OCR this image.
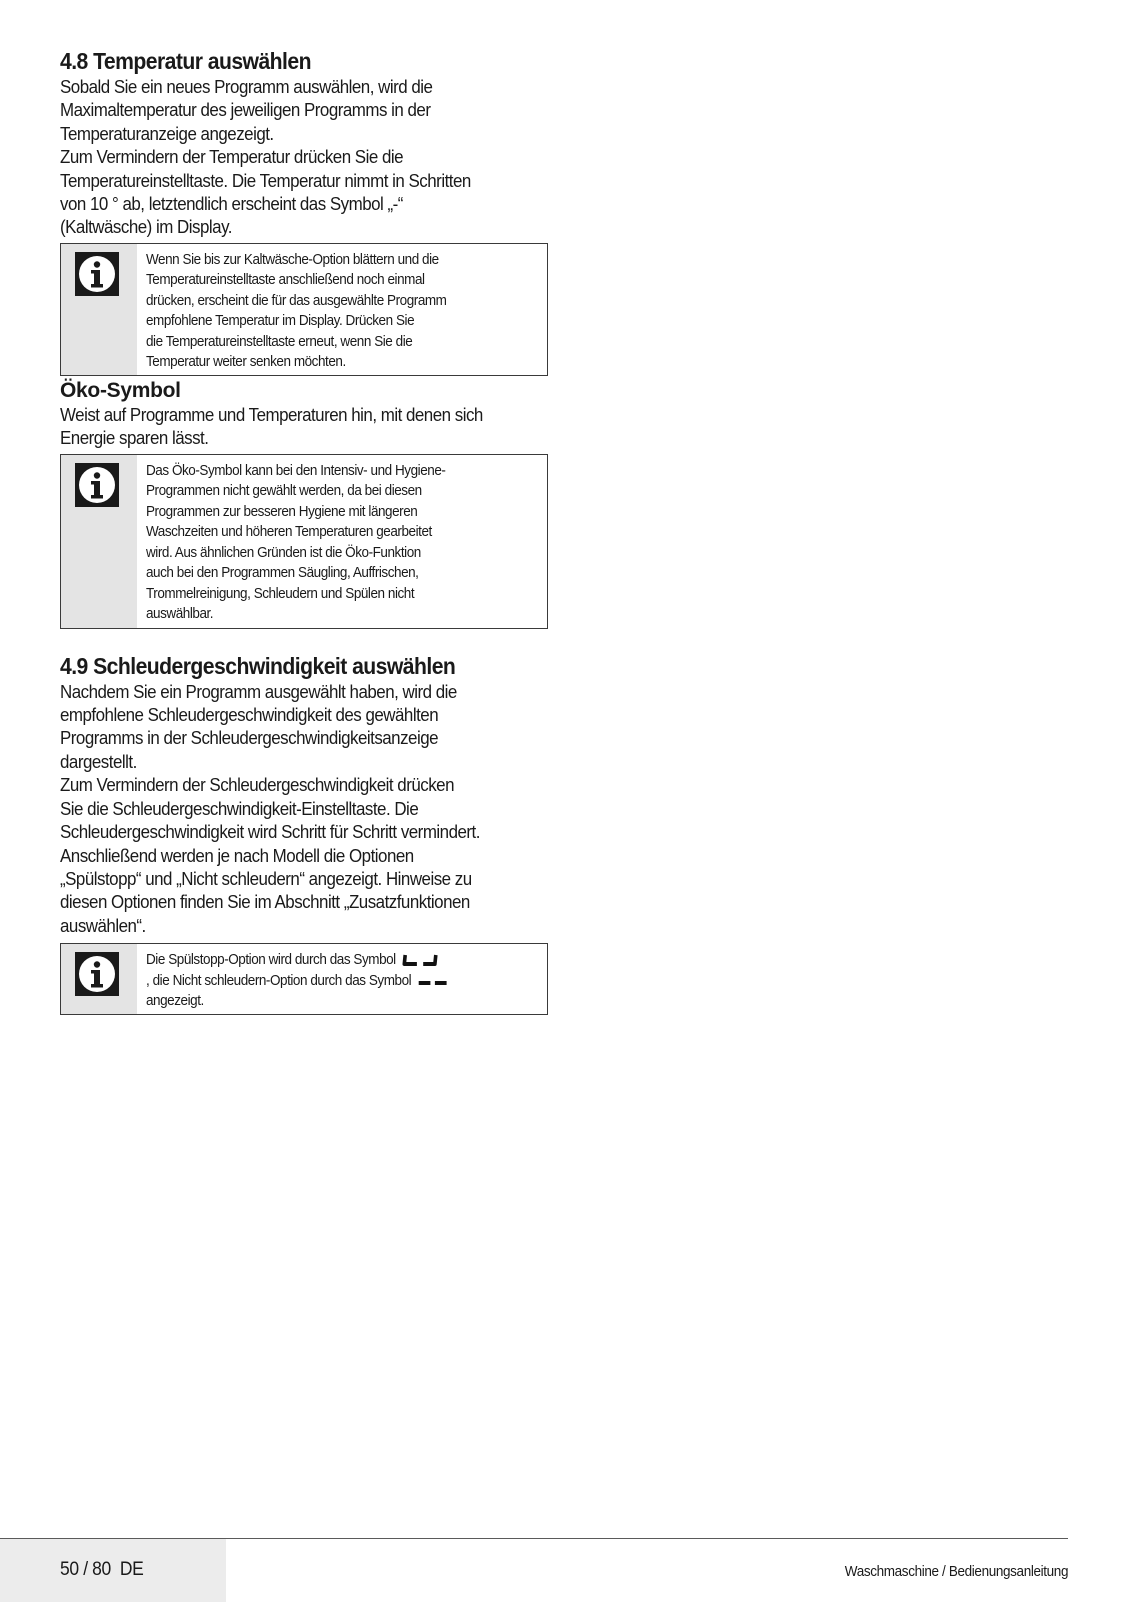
4.8 Temperatur auswählen
Sobald Sie ein neues Programm auswählen, wird die
Maximaltemperatur des jeweiligen Programms in der
Temperaturanzeige angezeigt.
Zum Vermindern der Temperatur drücken Sie die
Temperatureinstelltaste. Die Temperatur nimmt in Schritten
von 10 ° ab, letztendlich erscheint das Symbol „-“
(Kaltwäsche) im Display.
Wenn Sie bis zur Kaltwäsche-Option blättern und die
Temperatureinstelltaste anschließend noch einmal
drücken, erscheint die für das ausgewählte Programm
empfohlene Temperatur im Display. Drücken Sie
die Temperatureinstelltaste erneut, wenn Sie die
Temperatur weiter senken möchten.
Öko-Symbol
Weist auf Programme und Temperaturen hin, mit denen sich
Energie sparen lässt.
Das Öko-Symbol kann bei den Intensiv- und Hygiene-
Programmen nicht gewählt werden, da bei diesen
Programmen zur besseren Hygiene mit längeren
Waschzeiten und höheren Temperaturen gearbeitet
wird. Aus ähnlichen Gründen ist die Öko-Funktion
auch bei den Programmen Säugling, Auffrischen,
Trommelreinigung, Schleudern und Spülen nicht
auswählbar.
4.9 Schleudergeschwindigkeit auswählen
Nachdem Sie ein Programm ausgewählt haben, wird die
empfohlene Schleudergeschwindigkeit des gewählten
Programms in der Schleudergeschwindigkeitsanzeige
dargestellt.
Zum Vermindern der Schleudergeschwindigkeit drücken
Sie die Schleudergeschwindigkeit-Einstelltaste. Die
Schleudergeschwindigkeit wird Schritt für Schritt vermindert.
Anschließend werden je nach Modell die Optionen
„Spülstopp“ und „Nicht schleudern“ angezeigt. Hinweise zu
diesen Optionen finden Sie im Abschnitt „Zusatzfunktionen
auswählen“.
Die Spülstopp-Option wird durch das Symbol
, die Nicht schleudern-Option durch das Symbol
angezeigt.
50 / 80  DE	Waschmaschine / Bedienungsanleitung
